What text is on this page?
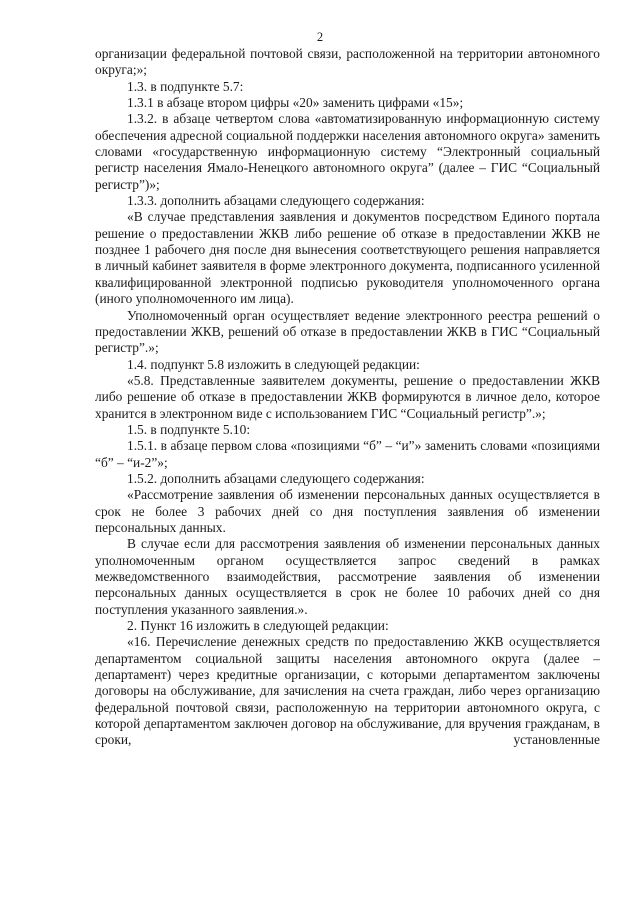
2

организации федеральной почтовой связи, расположенной на территории автономного округа;»;

1.3. в подпункте 5.7:

1.3.1 в абзаце втором цифры «20» заменить цифрами «15»;

1.3.2. в абзаце четвертом слова «автоматизированную информационную систему обеспечения адресной социальной поддержки населения автономного округа» заменить словами «государственную информационную систему “Электронный социальный регистр населения Ямало-Ненецкого автономного округа” (далее – ГИС “Социальный регистр”)»;

1.3.3. дополнить абзацами следующего содержания:

«В случае представления заявления и документов посредством Единого портала решение о предоставлении ЖКВ либо решение об отказе в предоставлении ЖКВ не позднее 1 рабочего дня после дня вынесения соответствующего решения направляется в личный кабинет заявителя в форме электронного документа, подписанного усиленной квалифицированной электронной подписью руководителя уполномоченного органа (иного уполномоченного им лица).

Уполномоченный орган осуществляет ведение электронного реестра решений о предоставлении ЖКВ, решений об отказе в предоставлении ЖКВ в ГИС “Социальный регистр”.»;

1.4. подпункт 5.8 изложить в следующей редакции:

«5.8. Представленные заявителем документы, решение о предоставлении ЖКВ либо решение об отказе в предоставлении ЖКВ формируются в личное дело, которое хранится в электронном виде с использованием ГИС “Социальный регистр”.»;

1.5. в подпункте 5.10:

1.5.1. в абзаце первом слова «позициями “б” – “и”» заменить словами «позициями “б” – “и-2”»;

1.5.2. дополнить абзацами следующего содержания:

«Рассмотрение заявления об изменении персональных данных осуществляется в срок не более 3 рабочих дней со дня поступления заявления об изменении персональных данных.

В случае если для рассмотрения заявления об изменении персональных данных уполномоченным органом осуществляется запрос сведений в рамках межведомственного взаимодействия, рассмотрение заявления об изменении персональных данных осуществляется в срок не более 10 рабочих дней со дня поступления указанного заявления.».

2. Пункт 16 изложить в следующей редакции:

«16. Перечисление денежных средств по предоставлению ЖКВ осуществляется департаментом социальной защиты населения автономного округа (далее – департамент) через кредитные организации, с которыми департаментом заключены договоры на обслуживание, для зачисления на счета граждан, либо через организацию федеральной почтовой связи, расположенную на территории автономного округа, с которой департаментом заключен договор на обслуживание, для вручения гражданам, в сроки, установленные
